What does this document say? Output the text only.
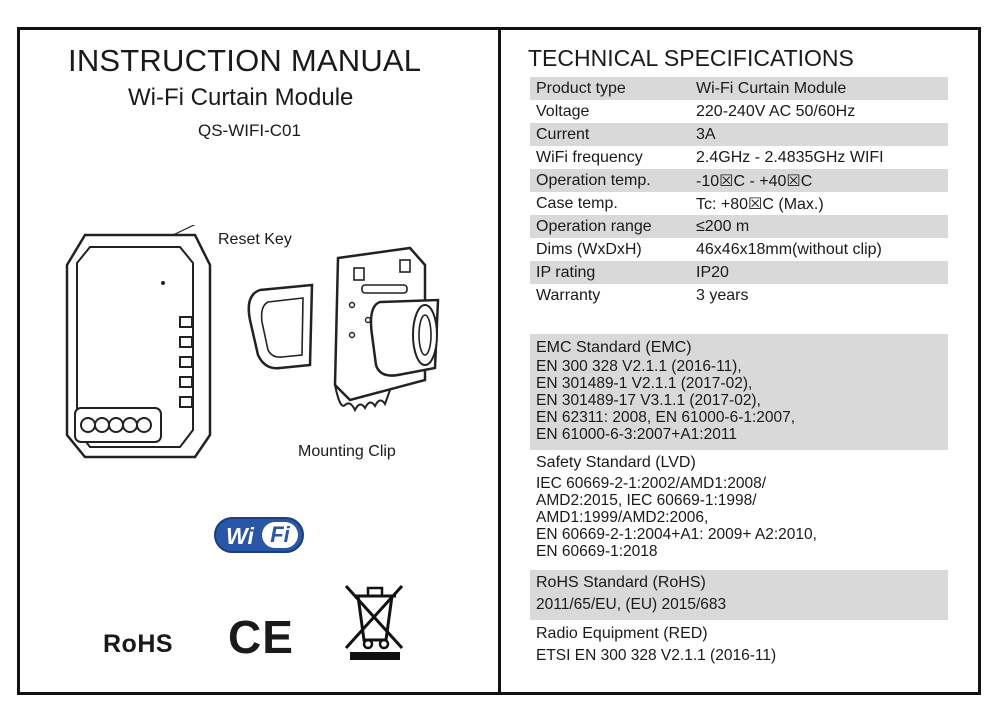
INSTRUCTION MANUAL
Wi-Fi Curtain Module
QS-WIFI-C01
Reset Key
Mounting Clip
Wi Fi
RoHS CE
TECHNICAL SPECIFICATIONS
Product type	Wi-Fi Curtain Module
Voltage	220-240V AC 50/60Hz
Current	3A
WiFi frequency	2.4GHz - 2.4835GHz WIFI
Operation temp.	-10☒C - +40☒C
Case temp.	Tc: +80☒C (Max.)
Operation range	≤200 m
Dims (WxDxH)	46x46x18mm(without clip)
IP rating	IP20
Warranty	3 years
EMC Standard (EMC)
EN 300 328 V2.1.1 (2016-11),
EN 301489-1 V2.1.1 (2017-02),
EN 301489-17 V3.1.1 (2017-02),
EN 62311: 2008, EN 61000-6-1:2007,
EN 61000-6-3:2007+A1:2011
Safety Standard (LVD)
IEC 60669-2-1:2002/AMD1:2008/
AMD2:2015, IEC 60669-1:1998/
AMD1:1999/AMD2:2006,
EN 60669-2-1:2004+A1: 2009+ A2:2010,
EN 60669-1:2018
RoHS Standard (RoHS)
2011/65/EU, (EU) 2015/683
Radio Equipment (RED)
ETSI EN 300 328 V2.1.1 (2016-11)
